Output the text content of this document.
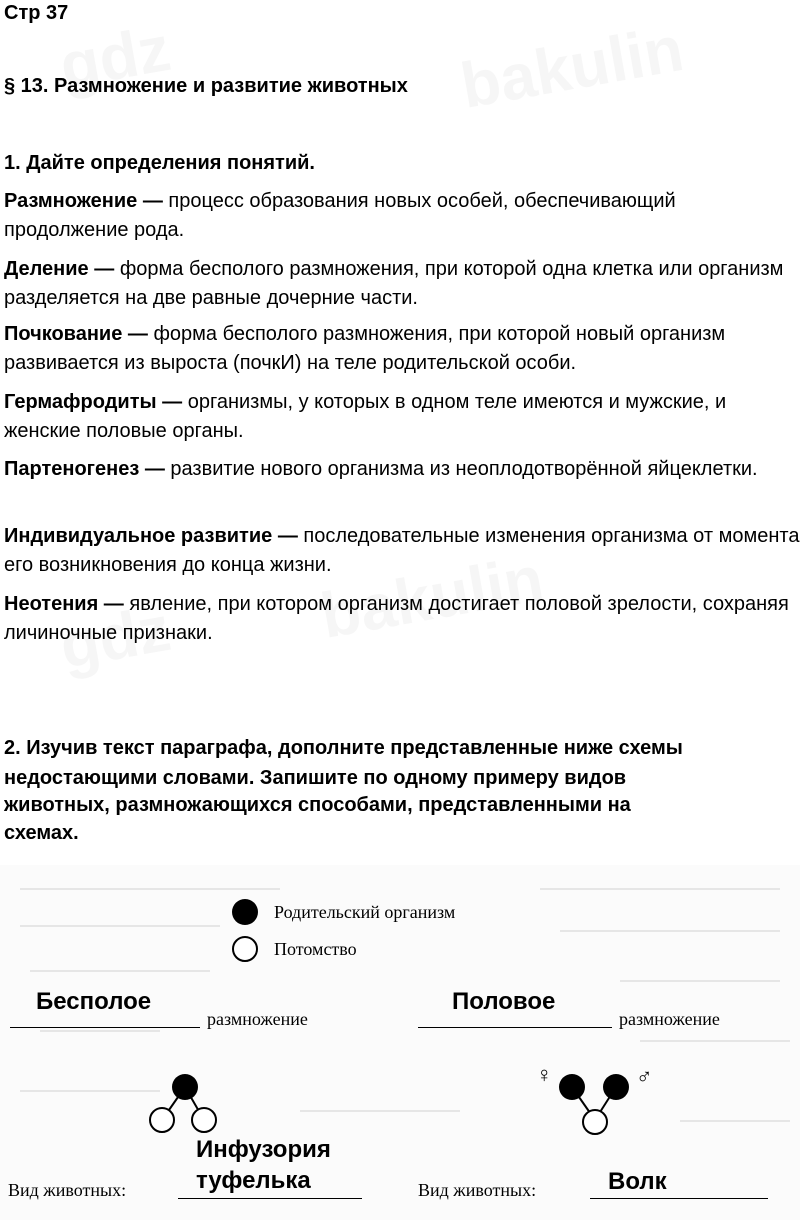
Стр 37
§ 13. Размножение и развитие животных
1. Дайте определения понятий.
Размножение — процесс образования новых особей, обеспечивающий продолжение рода.
Деление — форма бесполого размножения, при которой одна клетка или организм разделяется на две равные дочерние части.
Почкование — форма бесполого размножения, при которой новый организм развивается из выроста (почкИ) на теле родительской особи.
Гермафродиты — организмы, у которых в одном теле имеются и мужские, и женские половые органы.
Партеногенез — развитие нового организма из неоплодотворённой яйцеклетки.
Индивидуальное развитие — последовательные изменения организма от момента его возникновения до конца жизни.
Неотения — явление, при котором организм достигает половой зрелости, сохраняя личиночные признаки.
2. Изучив текст параграфа, дополните представленные ниже схемы
недостающими словами. Запишите по одному примеру видов
животных, размножающихся способами, представленными на
схемах.
Родительский организм
Потомство
Бесполое
размножение
Инфузория
Вид животных:	туфелька
Половое
размножение
♀	♂
Вид животных:	Волк
